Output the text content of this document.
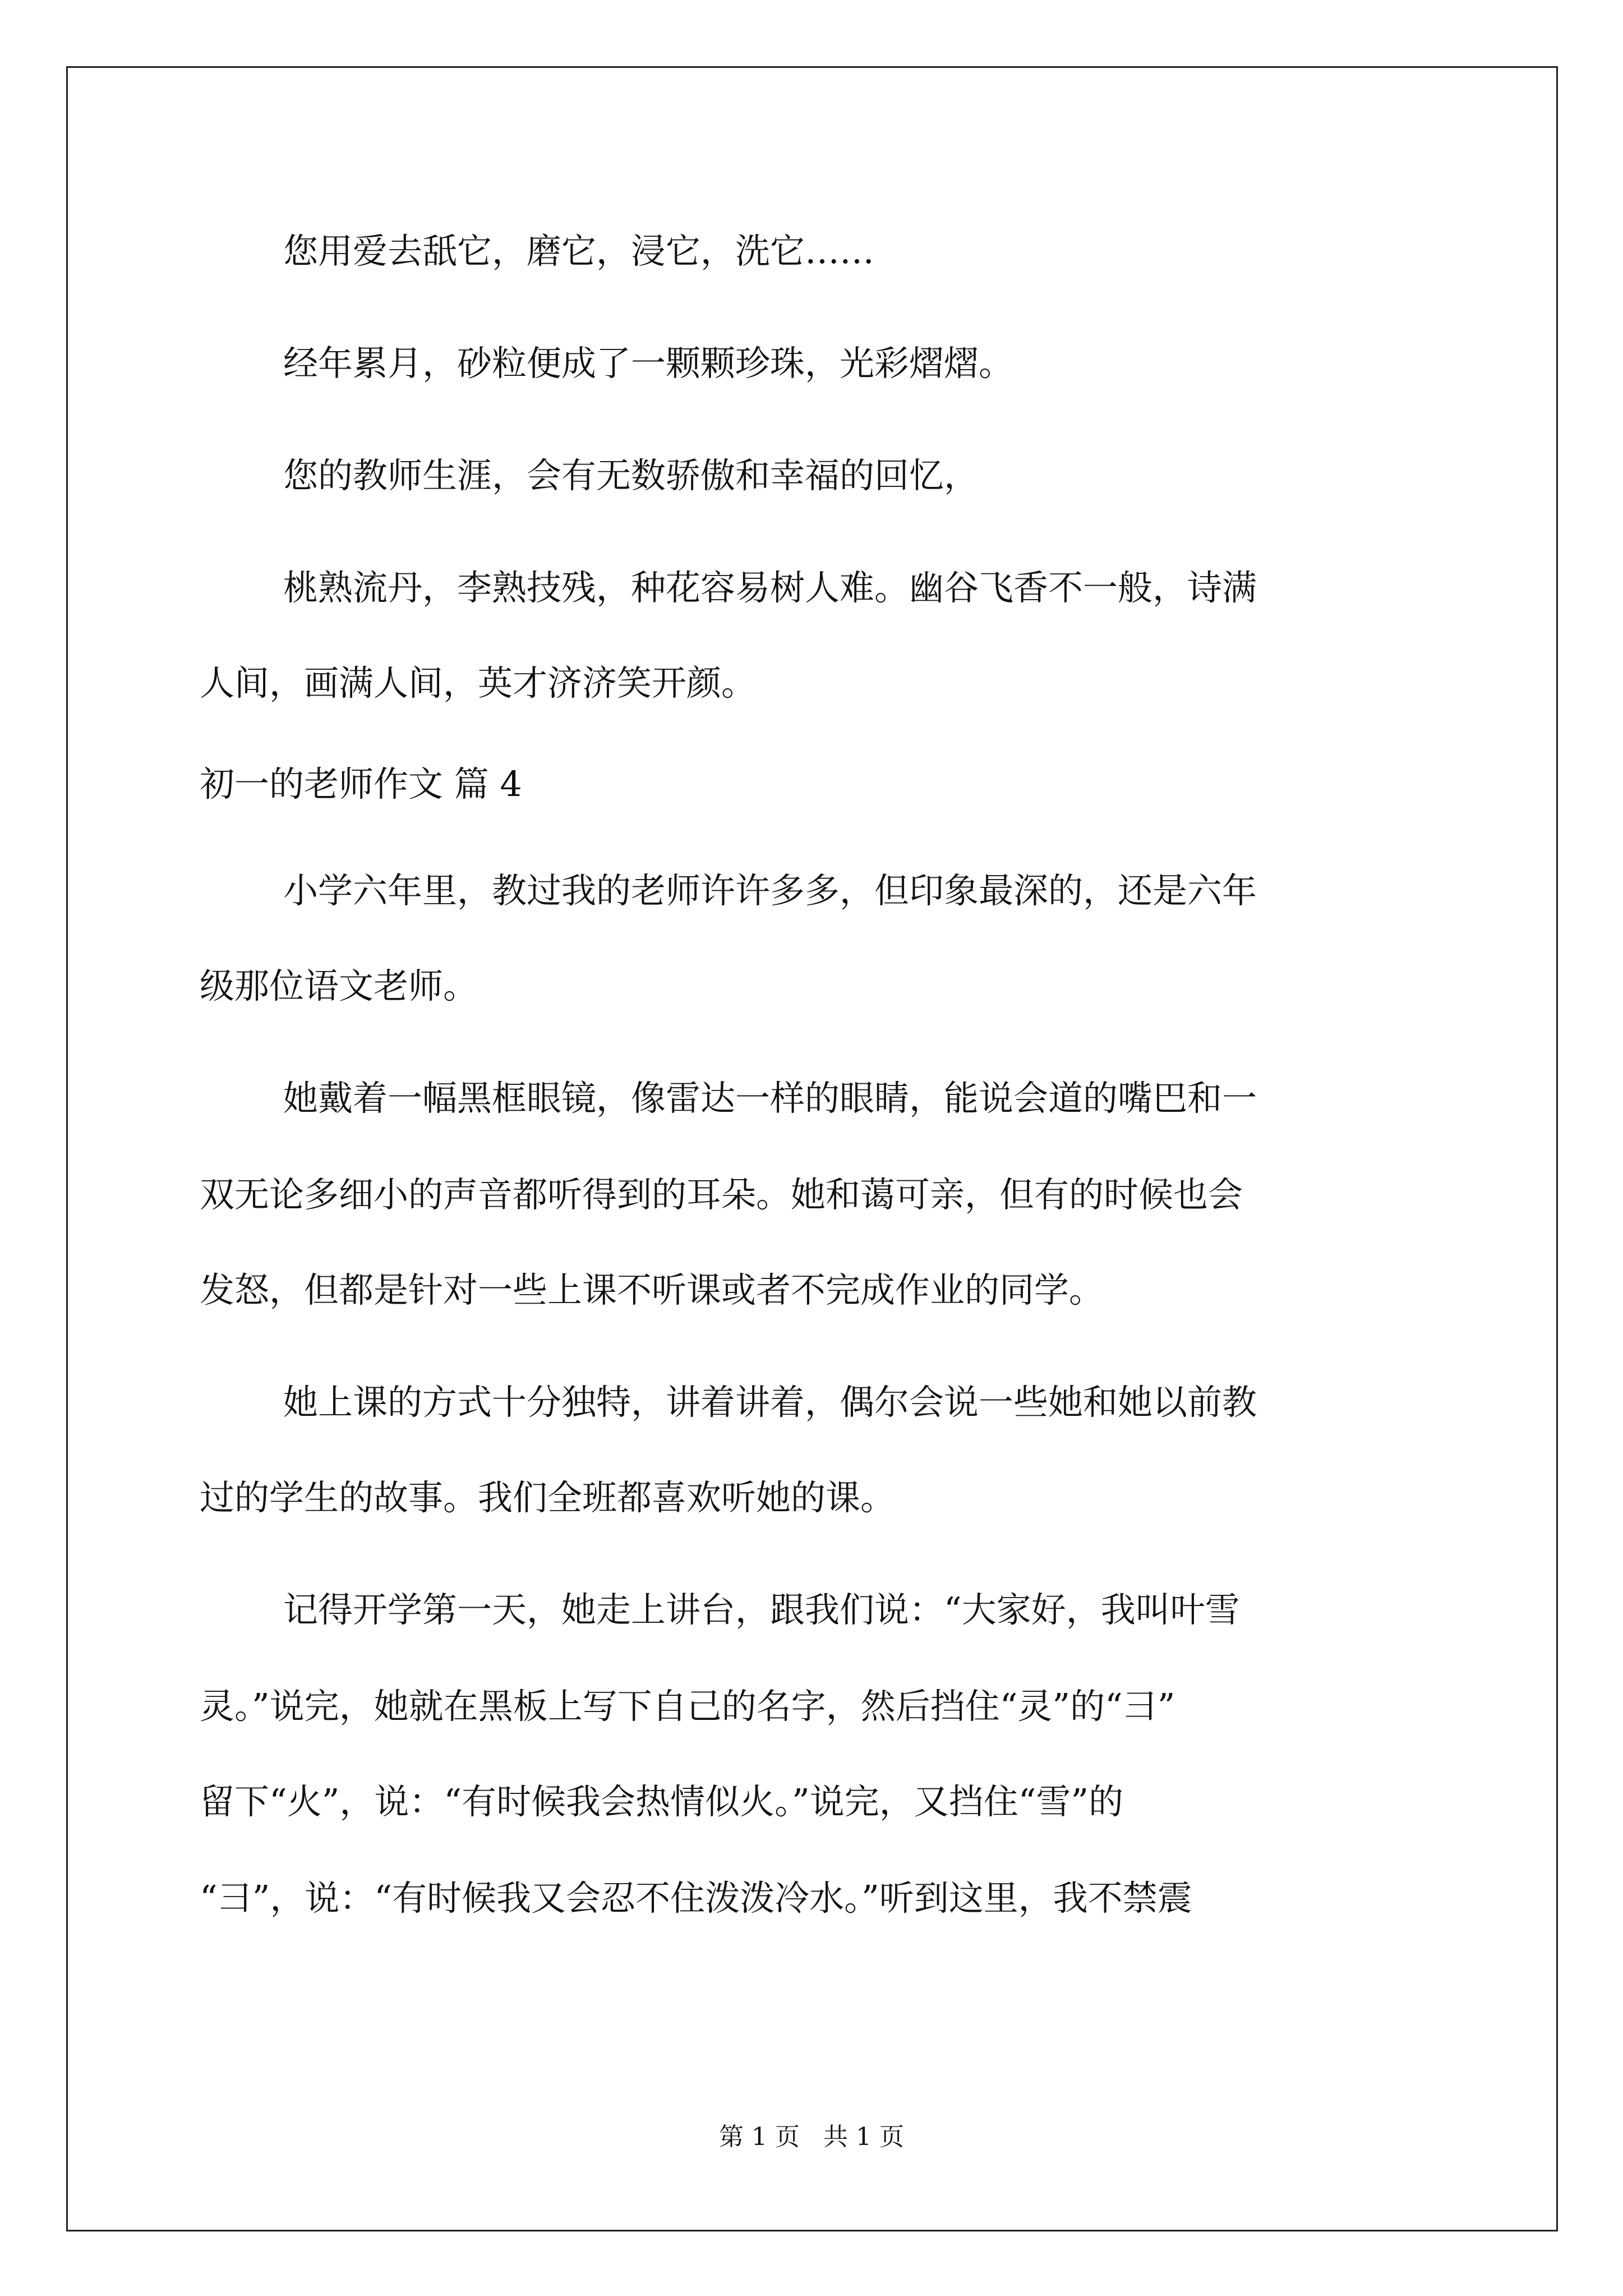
您用爱去舐它，磨它，浸它，洗它……
经年累月，砂粒便成了一颗颗珍珠，光彩熠熠。
您的教师生涯，会有无数骄傲和幸福的回忆，
桃熟流丹，李熟技残，种花容易树人难。幽谷飞香不一般，诗满
人间，画满人间，英才济济笑开颜。
初一的老师作文 篇 4
小学六年里，教过我的老师许许多多，但印象最深的，还是六年
级那位语文老师。
她戴着一幅黑框眼镜，像雷达一样的眼睛，能说会道的嘴巴和一
双无论多细小的声音都听得到的耳朵。她和蔼可亲，但有的时候也会
发怒，但都是针对一些上课不听课或者不完成作业的同学。
她上课的方式十分独特，讲着讲着，偶尔会说一些她和她以前教
过的学生的故事。我们全班都喜欢听她的课。
记得开学第一天，她走上讲台，跟我们说：“大家好，我叫叶雪
灵。”说完，她就在黑板上写下自己的名字，然后挡住“灵”的“彐”
留下“火”，说：“有时候我会热情似火。”说完，又挡住“雪”的
“彐”，说：“有时候我又会忍不住泼泼冷水。”听到这里，我不禁震
第 1 页 共 1 页
